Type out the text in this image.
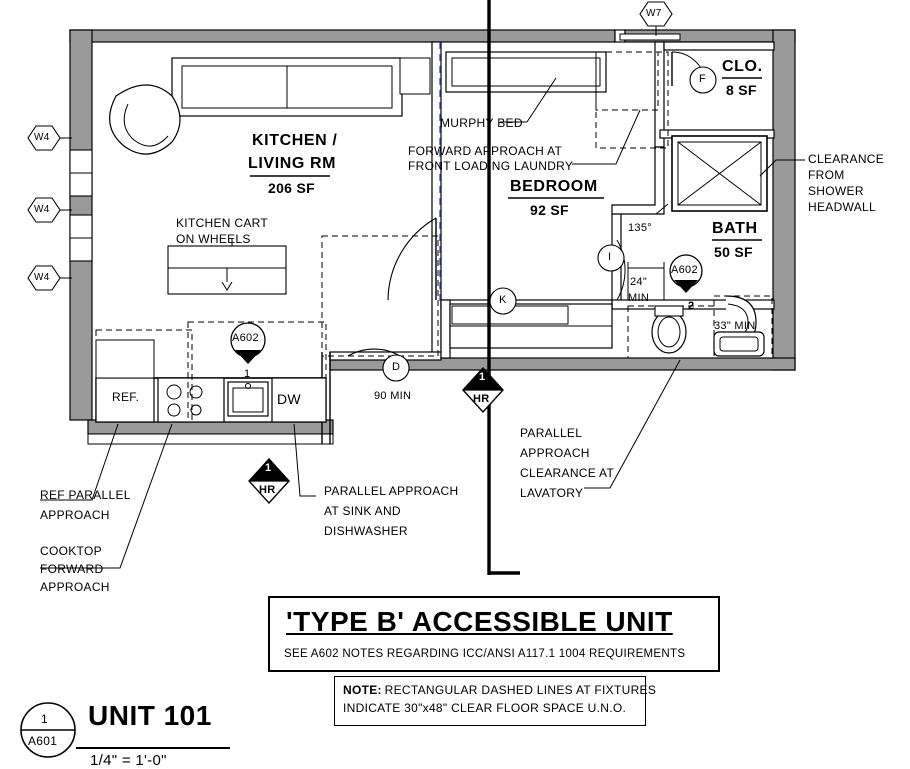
KITCHEN /
LIVING RM
206 SF	BEDROOM
92 SF
BATH
50 SF
CLO.
8 SF
MURPHY BED
FORWARD APPROACH AT
FRONT LOADING LAUNDRY
KITCHEN CART
ON WHEELS
CLEARANCE
FROM
SHOWER
HEADWALL
PARALLEL
APPROACH
CLEARANCE AT
LAVATORY
PARALLEL APPROACH
AT SINK AND
DISHWASHER
REF PARALLEL
APPROACH
COOKTOP
FORWARD
APPROACH
REF.	DW
135°
24"
MIN
33" MIN
90 MIN
2
W7
W4
W4
W4
F
I
K
D
A602
1
A602
1
HR
1
HR
'TYPE B' ACCESSIBLE UNIT
SEE A602 NOTES REGARDING ICC/ANSI A117.1 1004 REQUIREMENTS
NOTE: RECTANGULAR DASHED LINES AT FIXTURES
INDICATE 30"x48" CLEAR FLOOR SPACE U.N.O.
1
A601
UNIT 101
1/4" = 1'-0"
